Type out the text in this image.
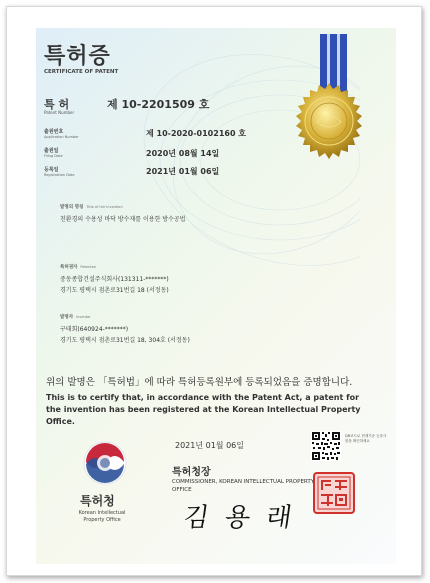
특허증
CERTIFICATE OF PATENT
특 허
Patent Number
제 10-2201509 호
출원번호
Application Number	제 10-2020-0102160 호
출원일
Filing Date	2020년 08월 14일
등록일
Registration Date	2021년 01월 06일
발명의 명칭 Title of the Invention
친환경의 수용성 바닥 방수재를 이용한 방수공법
특허권자 Patentee
중동종합건설주식회사(131311-*******)
경기도 평택시 점촌로31번길 18 (서정동)
발명자 Inventor
구태회(640924-*******)
경기도 평택시 점촌로31번길 18, 304호 (서정동)
위의 발명은 「특허법」에 따라 특허등록원부에 등록되었음을 증명합니다.
This is to certify that, in accordance with the Patent Act, a patent for the invention has been registered at the Korean Intellectual Property Office.
특허청
Korean Intellectual Property Office
2021년 01월 06일
특허청장
COMMISSIONER, KOREAN INTELLECTUAL PROPERTY OFFICE
김 용 래
QR코드로 현재기준 등록사항을 확인하세요
